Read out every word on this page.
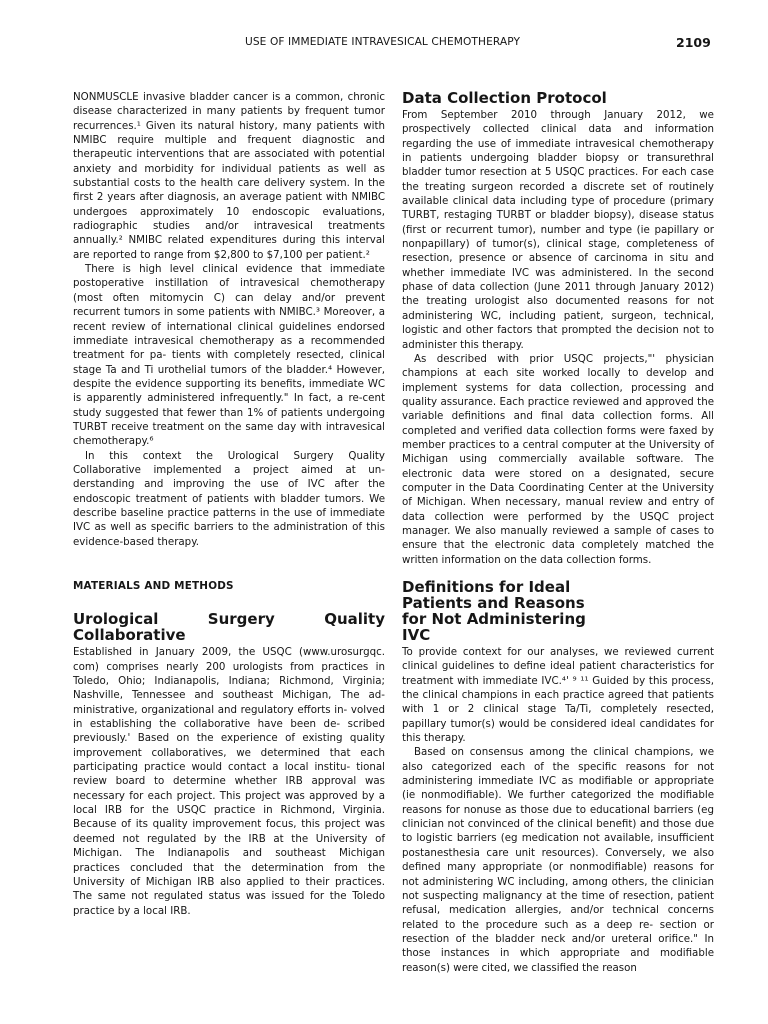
USE OF IMMEDIATE INTRAVESICAL CHEMOTHERAPY	2109

NONMUSCLE invasive bladder cancer is a common, chronic disease characterized in many patients by frequent tumor recurrences.¹ Given its natural history, many patients with NMIBC require multiple and frequent diagnostic and therapeutic interventions that are associated with potential anxiety and morbidity for individual patients as well as substantial costs to the health care delivery system. In the first 2 years after diagnosis, an average patient with NMIBC undergoes approximately 10 endoscopic evaluations, radiographic studies and/or intravesical treatments annually.² NMIBC related expenditures during this interval are reported to range from $2,800 to $7,100 per patient.²

There is high level clinical evidence that immediate postoperative instillation of intravesical chemotherapy (most often mitomycin C) can delay and/or prevent recurrent tumors in some patients with NMIBC.³ Moreover, a recent review of international clinical guidelines endorsed immediate intravesical chemotherapy as a recommended treatment for pa- tients with completely resected, clinical stage Ta and Ti urothelial tumors of the bladder.⁴ However, despite the evidence supporting its benefits, immediate WC is apparently administered infrequently." In fact, a re-cent study suggested that fewer than 1% of patients undergoing TURBT receive treatment on the same day with intravesical chemotherapy.⁶

In this context the Urological Surgery Quality Collaborative implemented a project aimed at un- derstanding and improving the use of IVC after the endoscopic treatment of patients with bladder tumors. We describe baseline practice patterns in the use of immediate IVC as well as specific barriers to the administration of this evidence-based therapy.

MATERIALS AND METHODS
Urological Surgery Quality Collaborative

Established in January 2009, the USQC (www.urosurgqc. com) comprises nearly 200 urologists from practices in Toledo, Ohio; Indianapolis, Indiana; Richmond, Virginia; Nashville, Tennessee and southeast Michigan, The ad- ministrative, organizational and regulatory efforts in- volved in establishing the collaborative have been de- scribed previously.' Based on the experience of existing quality improvement collaboratives, we determined that each participating practice would contact a local institu- tional review board to determine whether IRB approval was necessary for each project. This project was approved by a local IRB for the USQC practice in Richmond, Virginia. Because of its quality improvement focus, this project was deemed not regulated by the IRB at the University of Michigan. The Indianapolis and southeast Michigan practices concluded that the determination from the University of Michigan IRB also applied to their practices. The same not regulated status was issued for the Toledo practice by a local IRB.

Data Collection Protocol

From September 2010 through January 2012, we prospectively collected clinical data and information regarding the use of immediate intravesical chemotherapy in patients undergoing bladder biopsy or transurethral bladder tumor resection at 5 USQC practices. For each case the treating surgeon recorded a discrete set of routinely available clinical data including type of procedure (primary TURBT, restaging TURBT or bladder biopsy), disease status (first or recurrent tumor), number and type (ie papillary or nonpapillary) of tumor(s), clinical stage, completeness of resection, presence or absence of carcinoma in situ and whether immediate IVC was administered. In the second phase of data collection (June 2011 through January 2012) the treating urologist also documented reasons for not administering WC, including patient, surgeon, technical, logistic and other factors that prompted the decision not to administer this therapy.

As described with prior USQC projects,"' physician champions at each site worked locally to develop and implement systems for data collection, processing and quality assurance. Each practice reviewed and approved the variable definitions and final data collection forms. All completed and verified data collection forms were faxed by member practices to a central computer at the University of Michigan using commercially available software. The electronic data were stored on a designated, secure computer in the Data Coordinating Center at the University of Michigan. When necessary, manual review and entry of data collection were performed by the USQC project manager. We also manually reviewed a sample of cases to ensure that the electronic data completely matched the written information on the data collection forms.

Definitions for Ideal Patients and Reasons for Not Administering IVC

To provide context for our analyses, we reviewed current clinical guidelines to define ideal patient characteristics for treatment with immediate IVC.⁴' ⁹ ¹¹ Guided by this process, the clinical champions in each practice agreed that patients with 1 or 2 clinical stage Ta/Ti, completely resected, papillary tumor(s) would be considered ideal candidates for this therapy.

Based on consensus among the clinical champions, we also categorized each of the specific reasons for not administering immediate IVC as modifiable or appropriate (ie nonmodifiable). We further categorized the modifiable reasons for nonuse as those due to educational barriers (eg clinician not convinced of the clinical benefit) and those due to logistic barriers (eg medication not available, insufficient postanesthesia care unit resources). Conversely, we also defined many appropriate (or nonmodifiable) reasons for not administering WC including, among others, the clinician not suspecting malignancy at the time of resection, patient refusal, medication allergies, and/or technical concerns related to the procedure such as a deep re- section or resection of the bladder neck and/or ureteral orifice." In those instances in which appropriate and modifiable reason(s) were cited, we classified the reason
